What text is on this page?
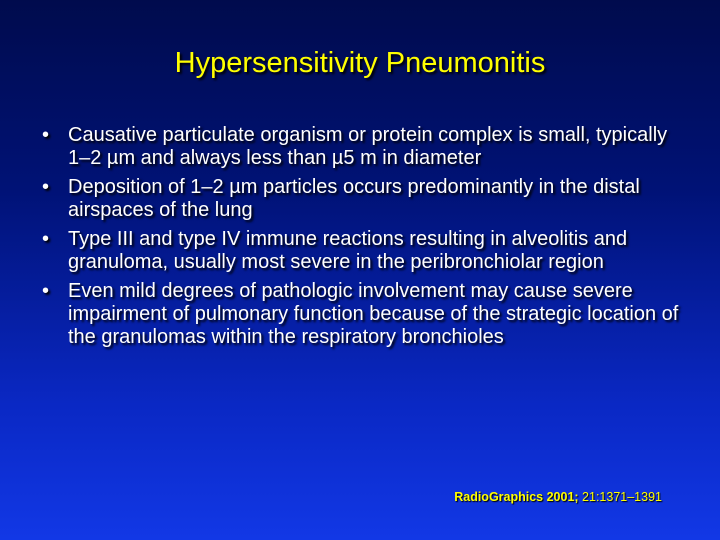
Hypersensitivity Pneumonitis
• Causative particulate organism or protein complex is small, typically 1–2 µm and always less than µ5 m in diameter
• Deposition of 1–2 µm particles occurs predominantly in the distal airspaces of the lung
• Type III and type IV immune reactions resulting in alveolitis and granuloma, usually most severe in the peribronchiolar region
• Even mild degrees of pathologic involvement may cause severe impairment of pulmonary function because of the strategic location of the granulomas within the respiratory bronchioles
RadioGraphics 2001; 21:1371–1391
